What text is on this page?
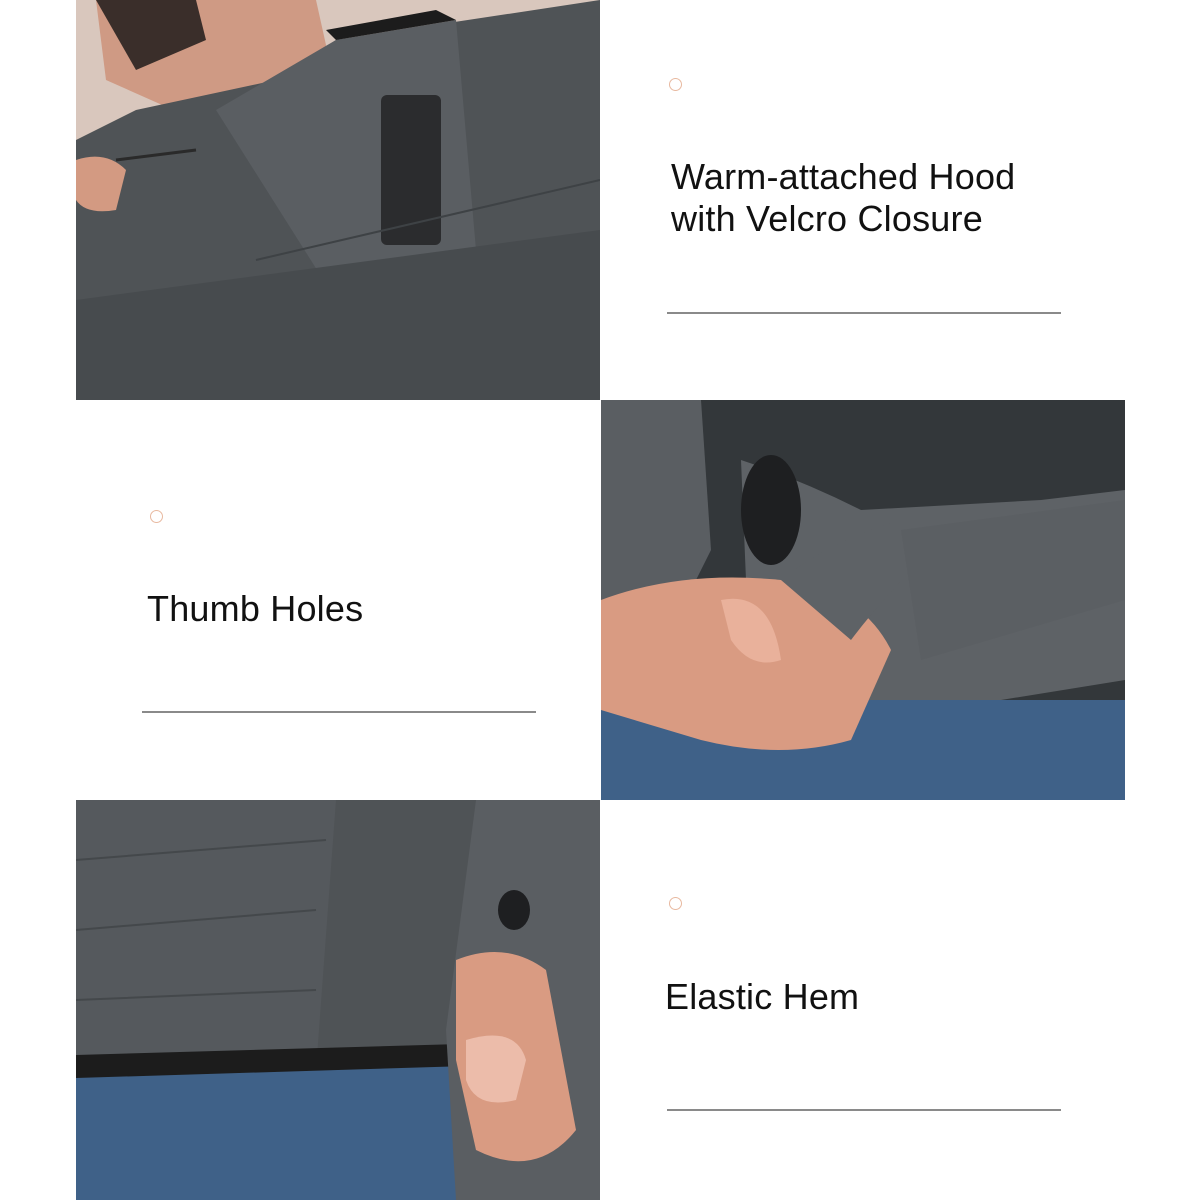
Warm-attached Hood
with Velcro Closure
Thumb Holes
Elastic Hem
